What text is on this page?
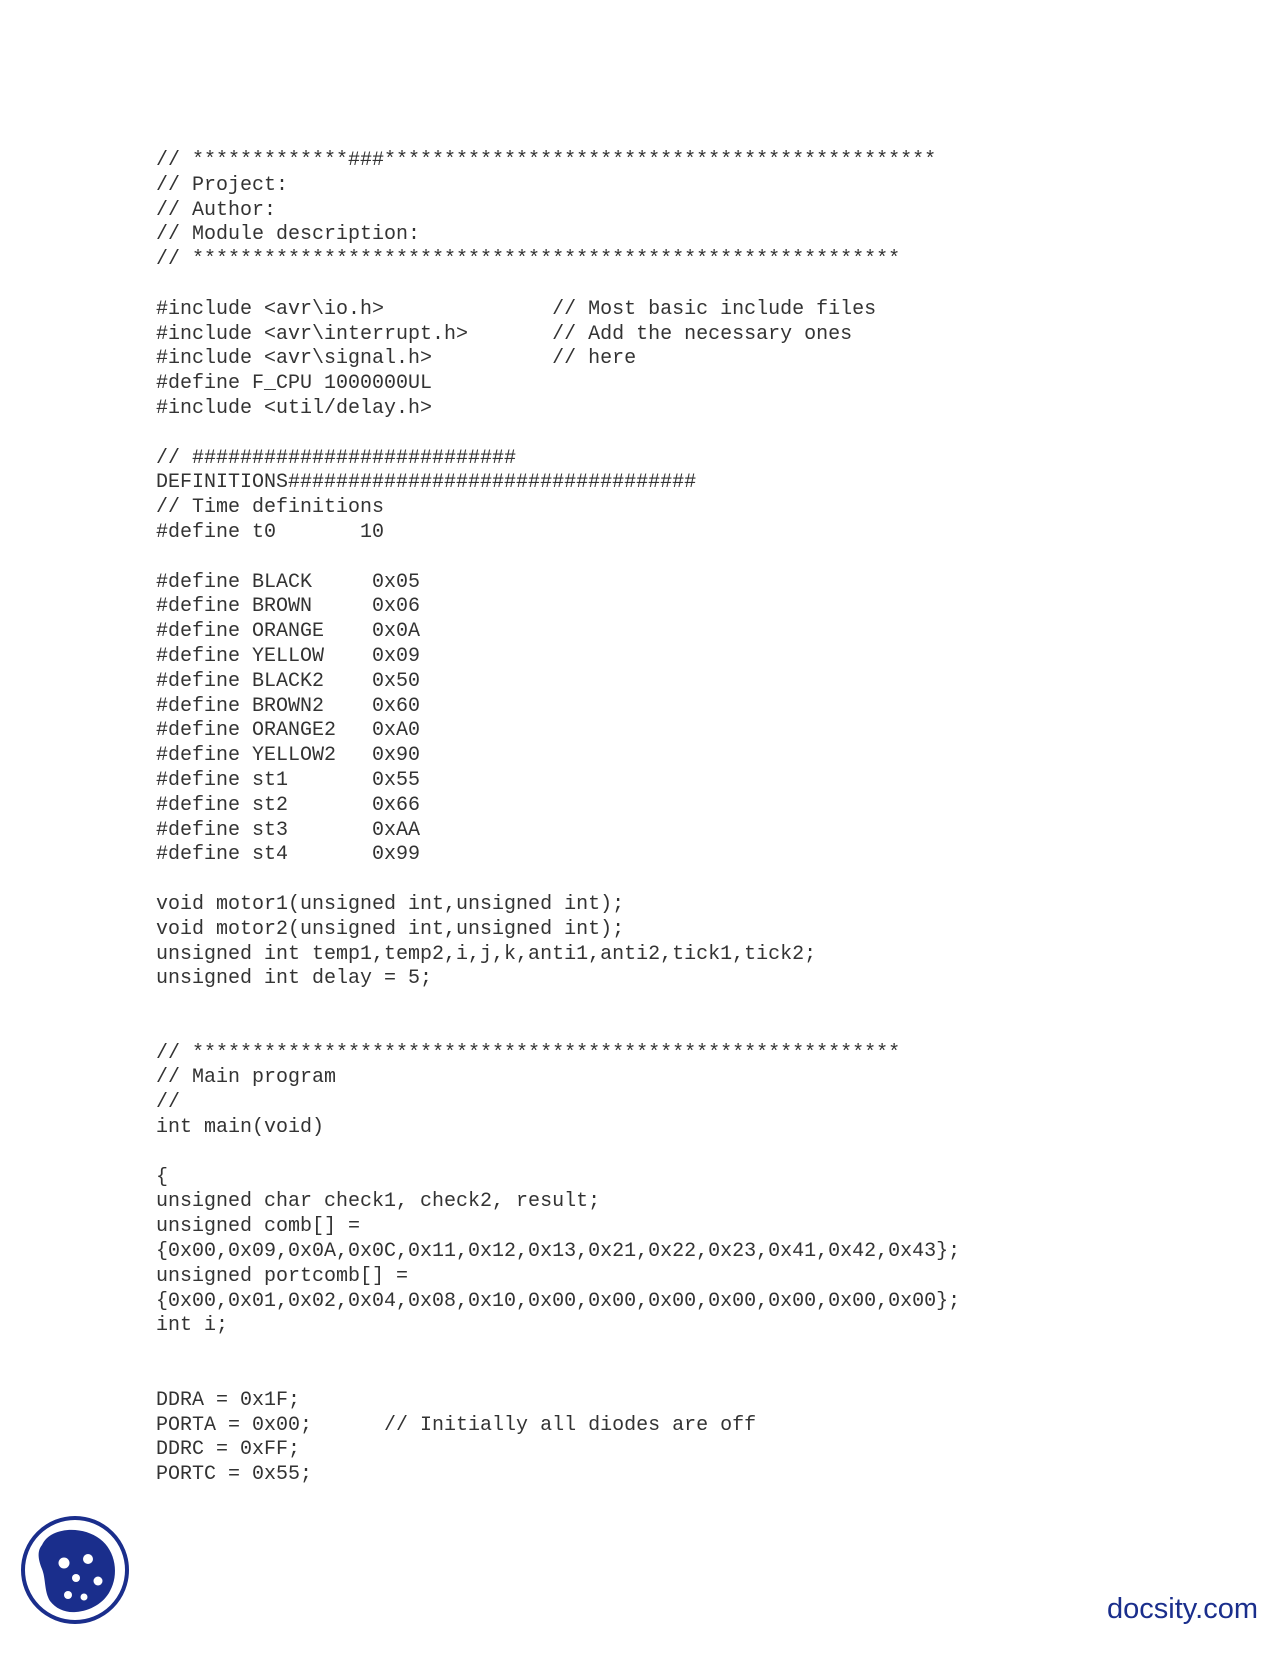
// *************###**********************************************
// Project:
// Author:
// Module description:
// ***********************************************************
#include <avr\io.h>              // Most basic include files
#include <avr\interrupt.h>       // Add the necessary ones
#include <avr\signal.h>          // here
#define F_CPU 1000000UL
#include <util/delay.h>
// ###########################
DEFINITIONS##################################
// Time definitions
#define t0       10
#define BLACK     0x05
#define BROWN     0x06
#define ORANGE    0x0A
#define YELLOW    0x09
#define BLACK2    0x50
#define BROWN2    0x60
#define ORANGE2   0xA0
#define YELLOW2   0x90
#define st1       0x55
#define st2       0x66
#define st3       0xAA
#define st4       0x99
void motor1(unsigned int,unsigned int);
void motor2(unsigned int,unsigned int);
unsigned int temp1,temp2,i,j,k,anti1,anti2,tick1,tick2;
unsigned int delay = 5;
// ***********************************************************
// Main program
//
int main(void)
{
unsigned char check1, check2, result;
unsigned comb[] =
{0x00,0x09,0x0A,0x0C,0x11,0x12,0x13,0x21,0x22,0x23,0x41,0x42,0x43};
unsigned portcomb[] =
{0x00,0x01,0x02,0x04,0x08,0x10,0x00,0x00,0x00,0x00,0x00,0x00,0x00};
int i;
DDRA = 0x1F;
PORTA = 0x00;      // Initially all diodes are off
DDRC = 0xFF;
PORTC = 0x55;
docsity.com
